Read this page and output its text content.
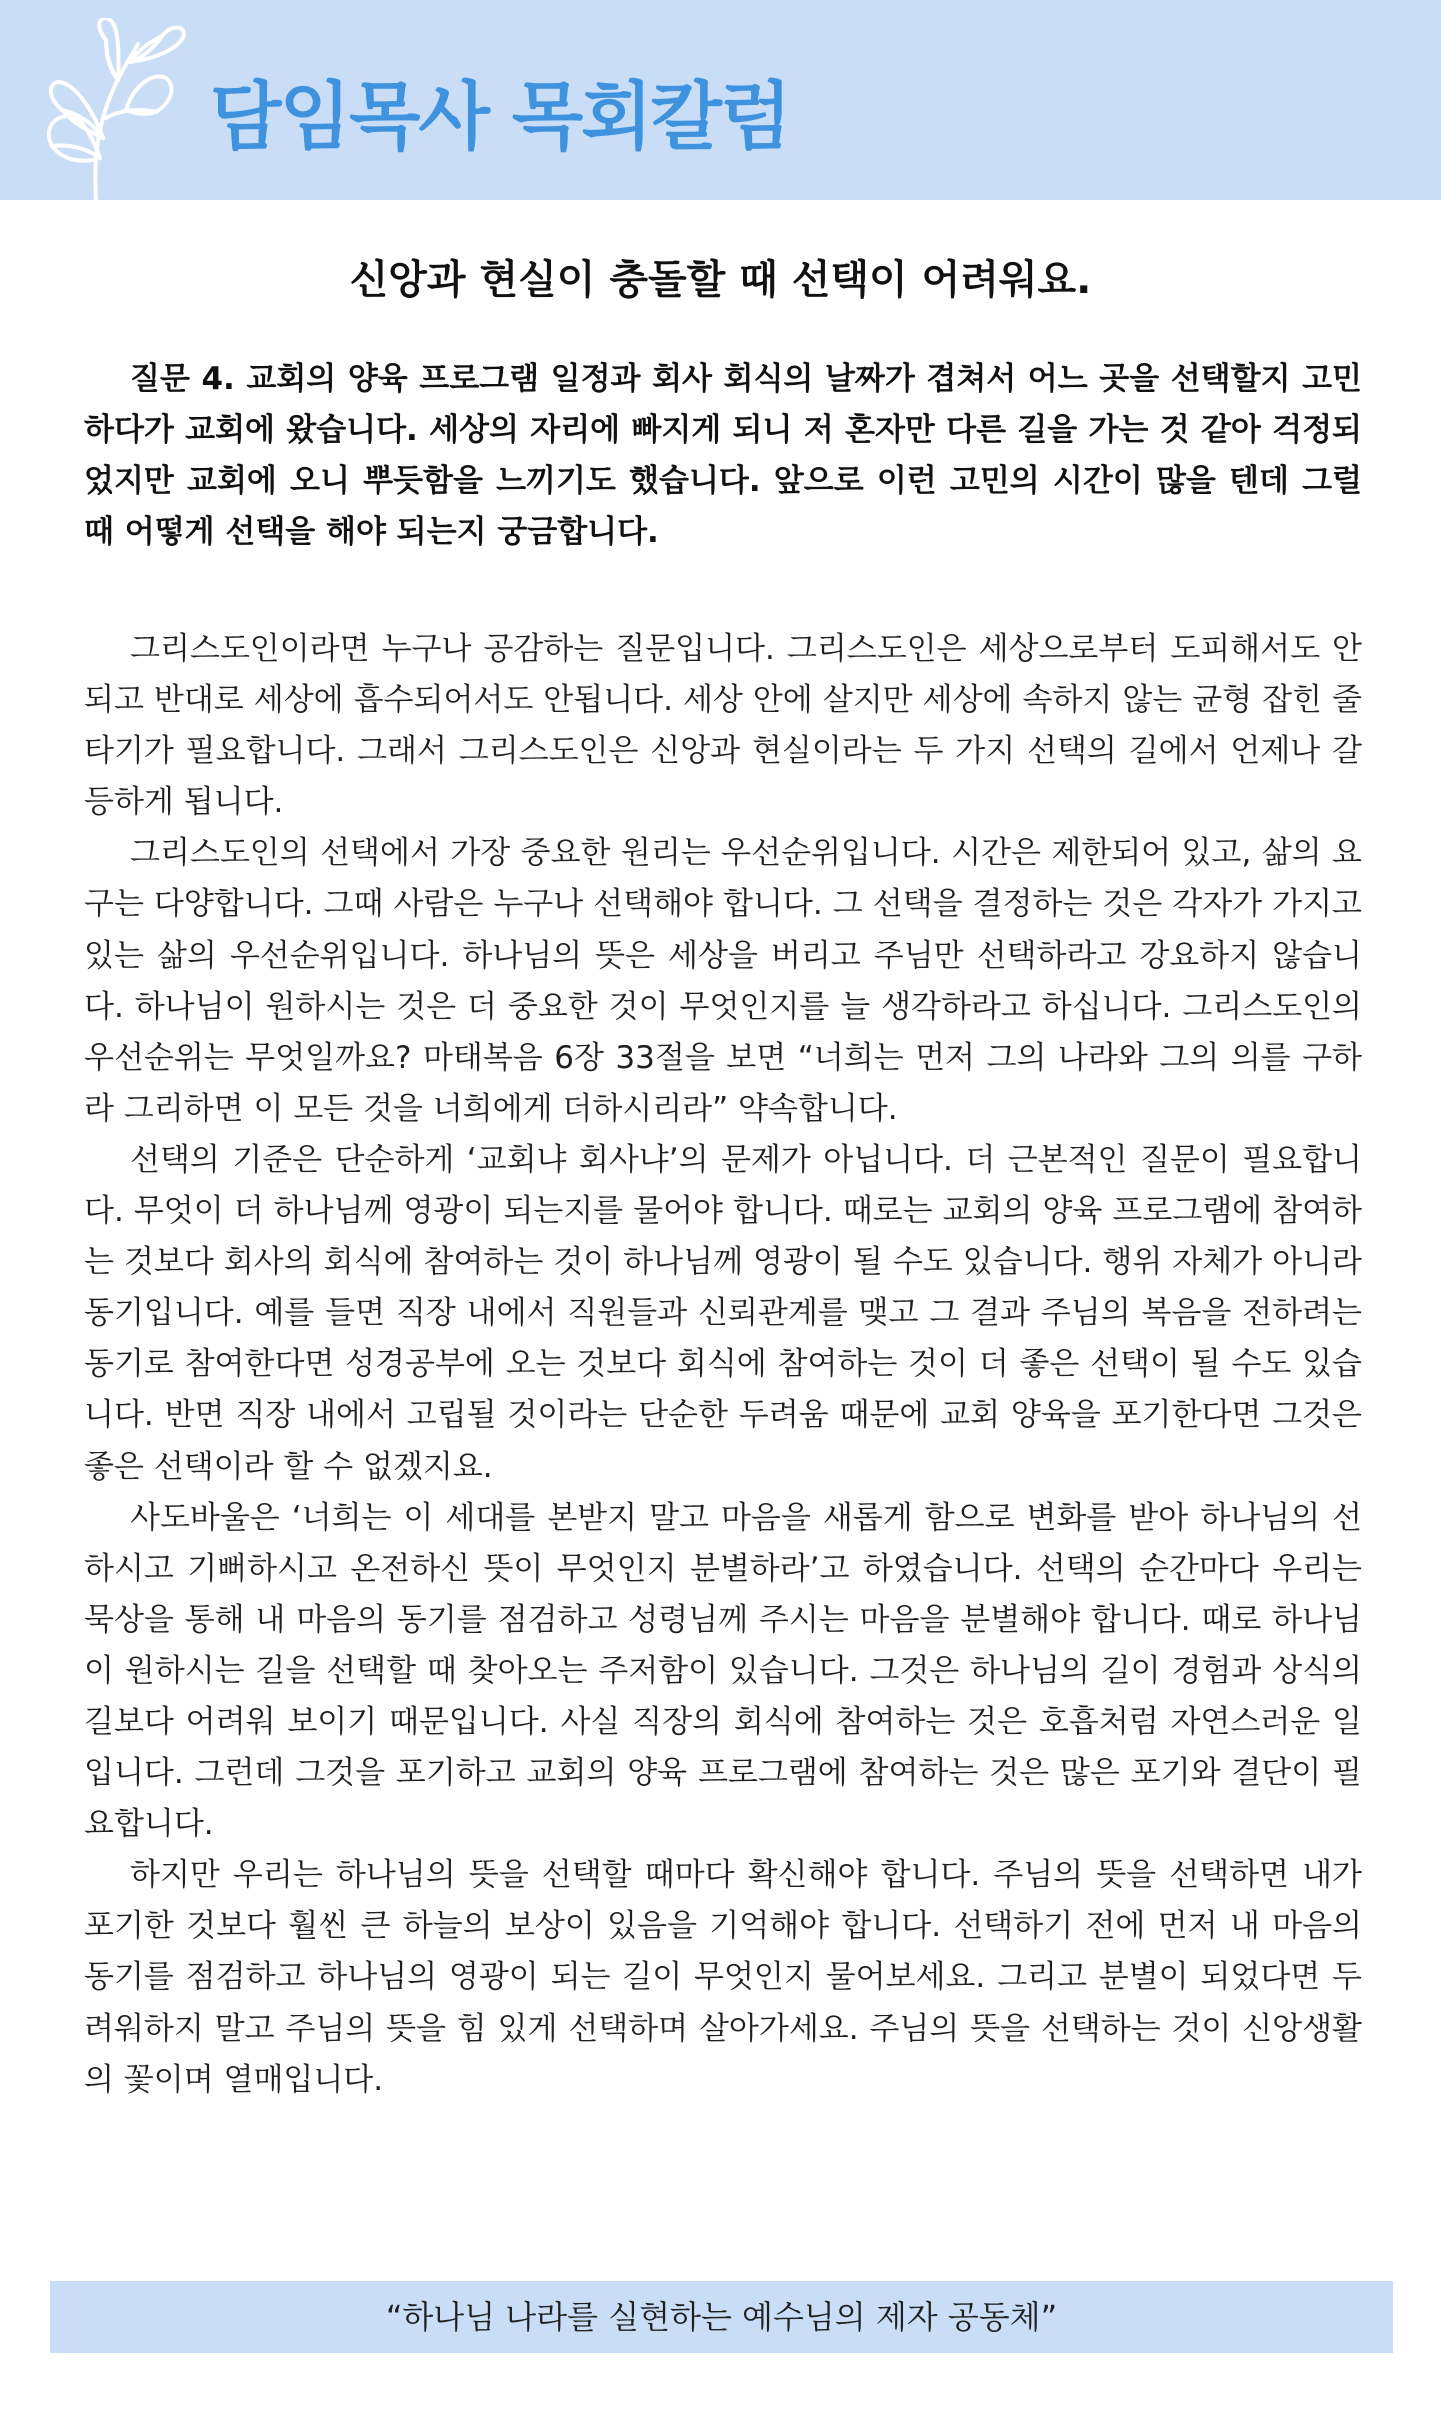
담임목사 목회칼럼
신앙과 현실이 충돌할 때 선택이 어려워요.
질문 4. 교회의 양육 프로그램 일정과 회사 회식의 날짜가 겹쳐서 어느 곳을 선택할지 고민하다가 교회에 왔습니다. 세상의 자리에 빠지게 되니 저 혼자만 다른 길을 가는 것 같아 걱정되었지만 교회에 오니 뿌듯함을 느끼기도 했습니다. 앞으로 이런 고민의 시간이 많을 텐데 그럴 때 어떻게 선택을 해야 되는지 궁금합니다.

그리스도인이라면 누구나 공감하는 질문입니다. 그리스도인은 세상으로부터 도피해서도 안되고 반대로 세상에 흡수되어서도 안됩니다. 세상 안에 살지만 세상에 속하지 않는 균형 잡힌 줄타기가 필요합니다. 그래서 그리스도인은 신앙과 현실이라는 두 가지 선택의 길에서 언제나 갈등하게 됩니다.

그리스도인의 선택에서 가장 중요한 원리는 우선순위입니다. 시간은 제한되어 있고, 삶의 요구는 다양합니다. 그때 사람은 누구나 선택해야 합니다. 그 선택을 결정하는 것은 각자가 가지고 있는 삶의 우선순위입니다. 하나님의 뜻은 세상을 버리고 주님만 선택하라고 강요하지 않습니다. 하나님이 원하시는 것은 더 중요한 것이 무엇인지를 늘 생각하라고 하십니다. 그리스도인의 우선순위는 무엇일까요? 마태복음 6장 33절을 보면 “너희는 먼저 그의 나라와 그의 의를 구하라 그리하면 이 모든 것을 너희에게 더하시리라” 약속합니다.

선택의 기준은 단순하게 ‘교회냐 회사냐’의 문제가 아닙니다. 더 근본적인 질문이 필요합니다. 무엇이 더 하나님께 영광이 되는지를 물어야 합니다. 때로는 교회의 양육 프로그램에 참여하는 것보다 회사의 회식에 참여하는 것이 하나님께 영광이 될 수도 있습니다. 행위 자체가 아니라 동기입니다. 예를 들면 직장 내에서 직원들과 신뢰관계를 맺고 그 결과 주님의 복음을 전하려는 동기로 참여한다면 성경공부에 오는 것보다 회식에 참여하는 것이 더 좋은 선택이 될 수도 있습니다. 반면 직장 내에서 고립될 것이라는 단순한 두려움 때문에 교회 양육을 포기한다면 그것은 좋은 선택이라 할 수 없겠지요.

사도바울은 ‘너희는 이 세대를 본받지 말고 마음을 새롭게 함으로 변화를 받아 하나님의 선하시고 기뻐하시고 온전하신 뜻이 무엇인지 분별하라’고 하였습니다. 선택의 순간마다 우리는 묵상을 통해 내 마음의 동기를 점검하고 성령님께 주시는 마음을 분별해야 합니다. 때로 하나님이 원하시는 길을 선택할 때 찾아오는 주저함이 있습니다. 그것은 하나님의 길이 경험과 상식의 길보다 어려워 보이기 때문입니다. 사실 직장의 회식에 참여하는 것은 호흡처럼 자연스러운 일입니다. 그런데 그것을 포기하고 교회의 양육 프로그램에 참여하는 것은 많은 포기와 결단이 필요합니다.

하지만 우리는 하나님의 뜻을 선택할 때마다 확신해야 합니다. 주님의 뜻을 선택하면 내가 포기한 것보다 훨씬 큰 하늘의 보상이 있음을 기억해야 합니다. 선택하기 전에 먼저 내 마음의 동기를 점검하고 하나님의 영광이 되는 길이 무엇인지 물어보세요. 그리고 분별이 되었다면 두려워하지 말고 주님의 뜻을 힘 있게 선택하며 살아가세요. 주님의 뜻을 선택하는 것이 신앙생활의 꽃이며 열매입니다.

“하나님 나라를 실현하는 예수님의 제자 공동체”
